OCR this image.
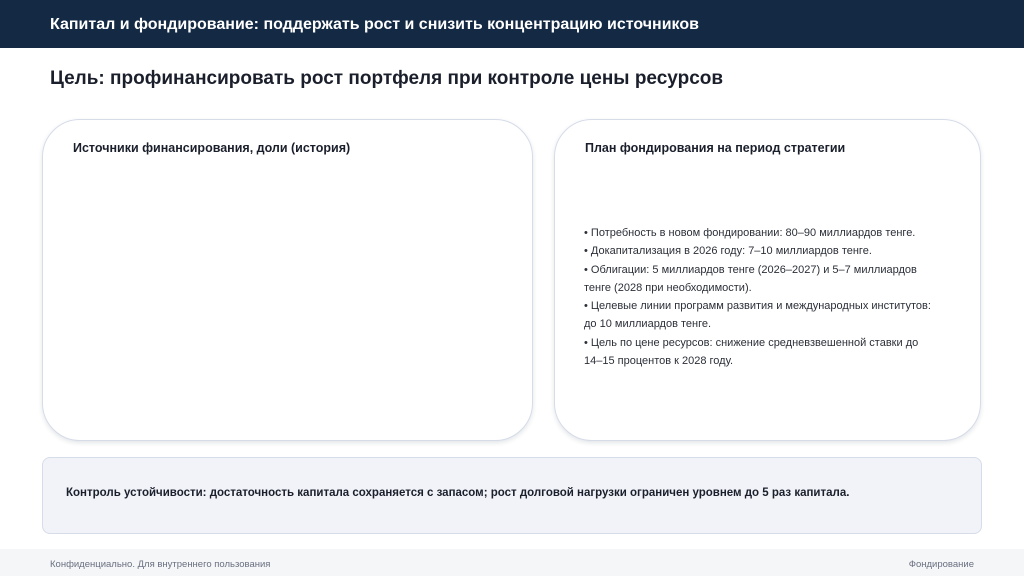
Капитал и фондирование: поддержать рост и снизить концентрацию источников
Цель: профинансировать рост портфеля при контроле цены ресурсов
Источники финансирования, доли (история)	План фондирования на период стратегии
• Потребность в новом фондировании: 80–90 миллиардов тенге.
• Докапитализация в 2026 году: 7–10 миллиардов тенге.
• Облигации: 5 миллиардов тенге (2026–2027) и 5–7 миллиардов тенге (2028 при необходимости).
• Целевые линии программ развития и международных институтов: до 10 миллиардов тенге.
• Цель по цене ресурсов: снижение средневзвешенной ставки до 14–15 процентов к 2028 году.
Контроль устойчивости: достаточность капитала сохраняется с запасом; рост долговой нагрузки ограничен уровнем до 5 раз капитала.
Конфиденциально. Для внутреннего пользования	Фондирование
